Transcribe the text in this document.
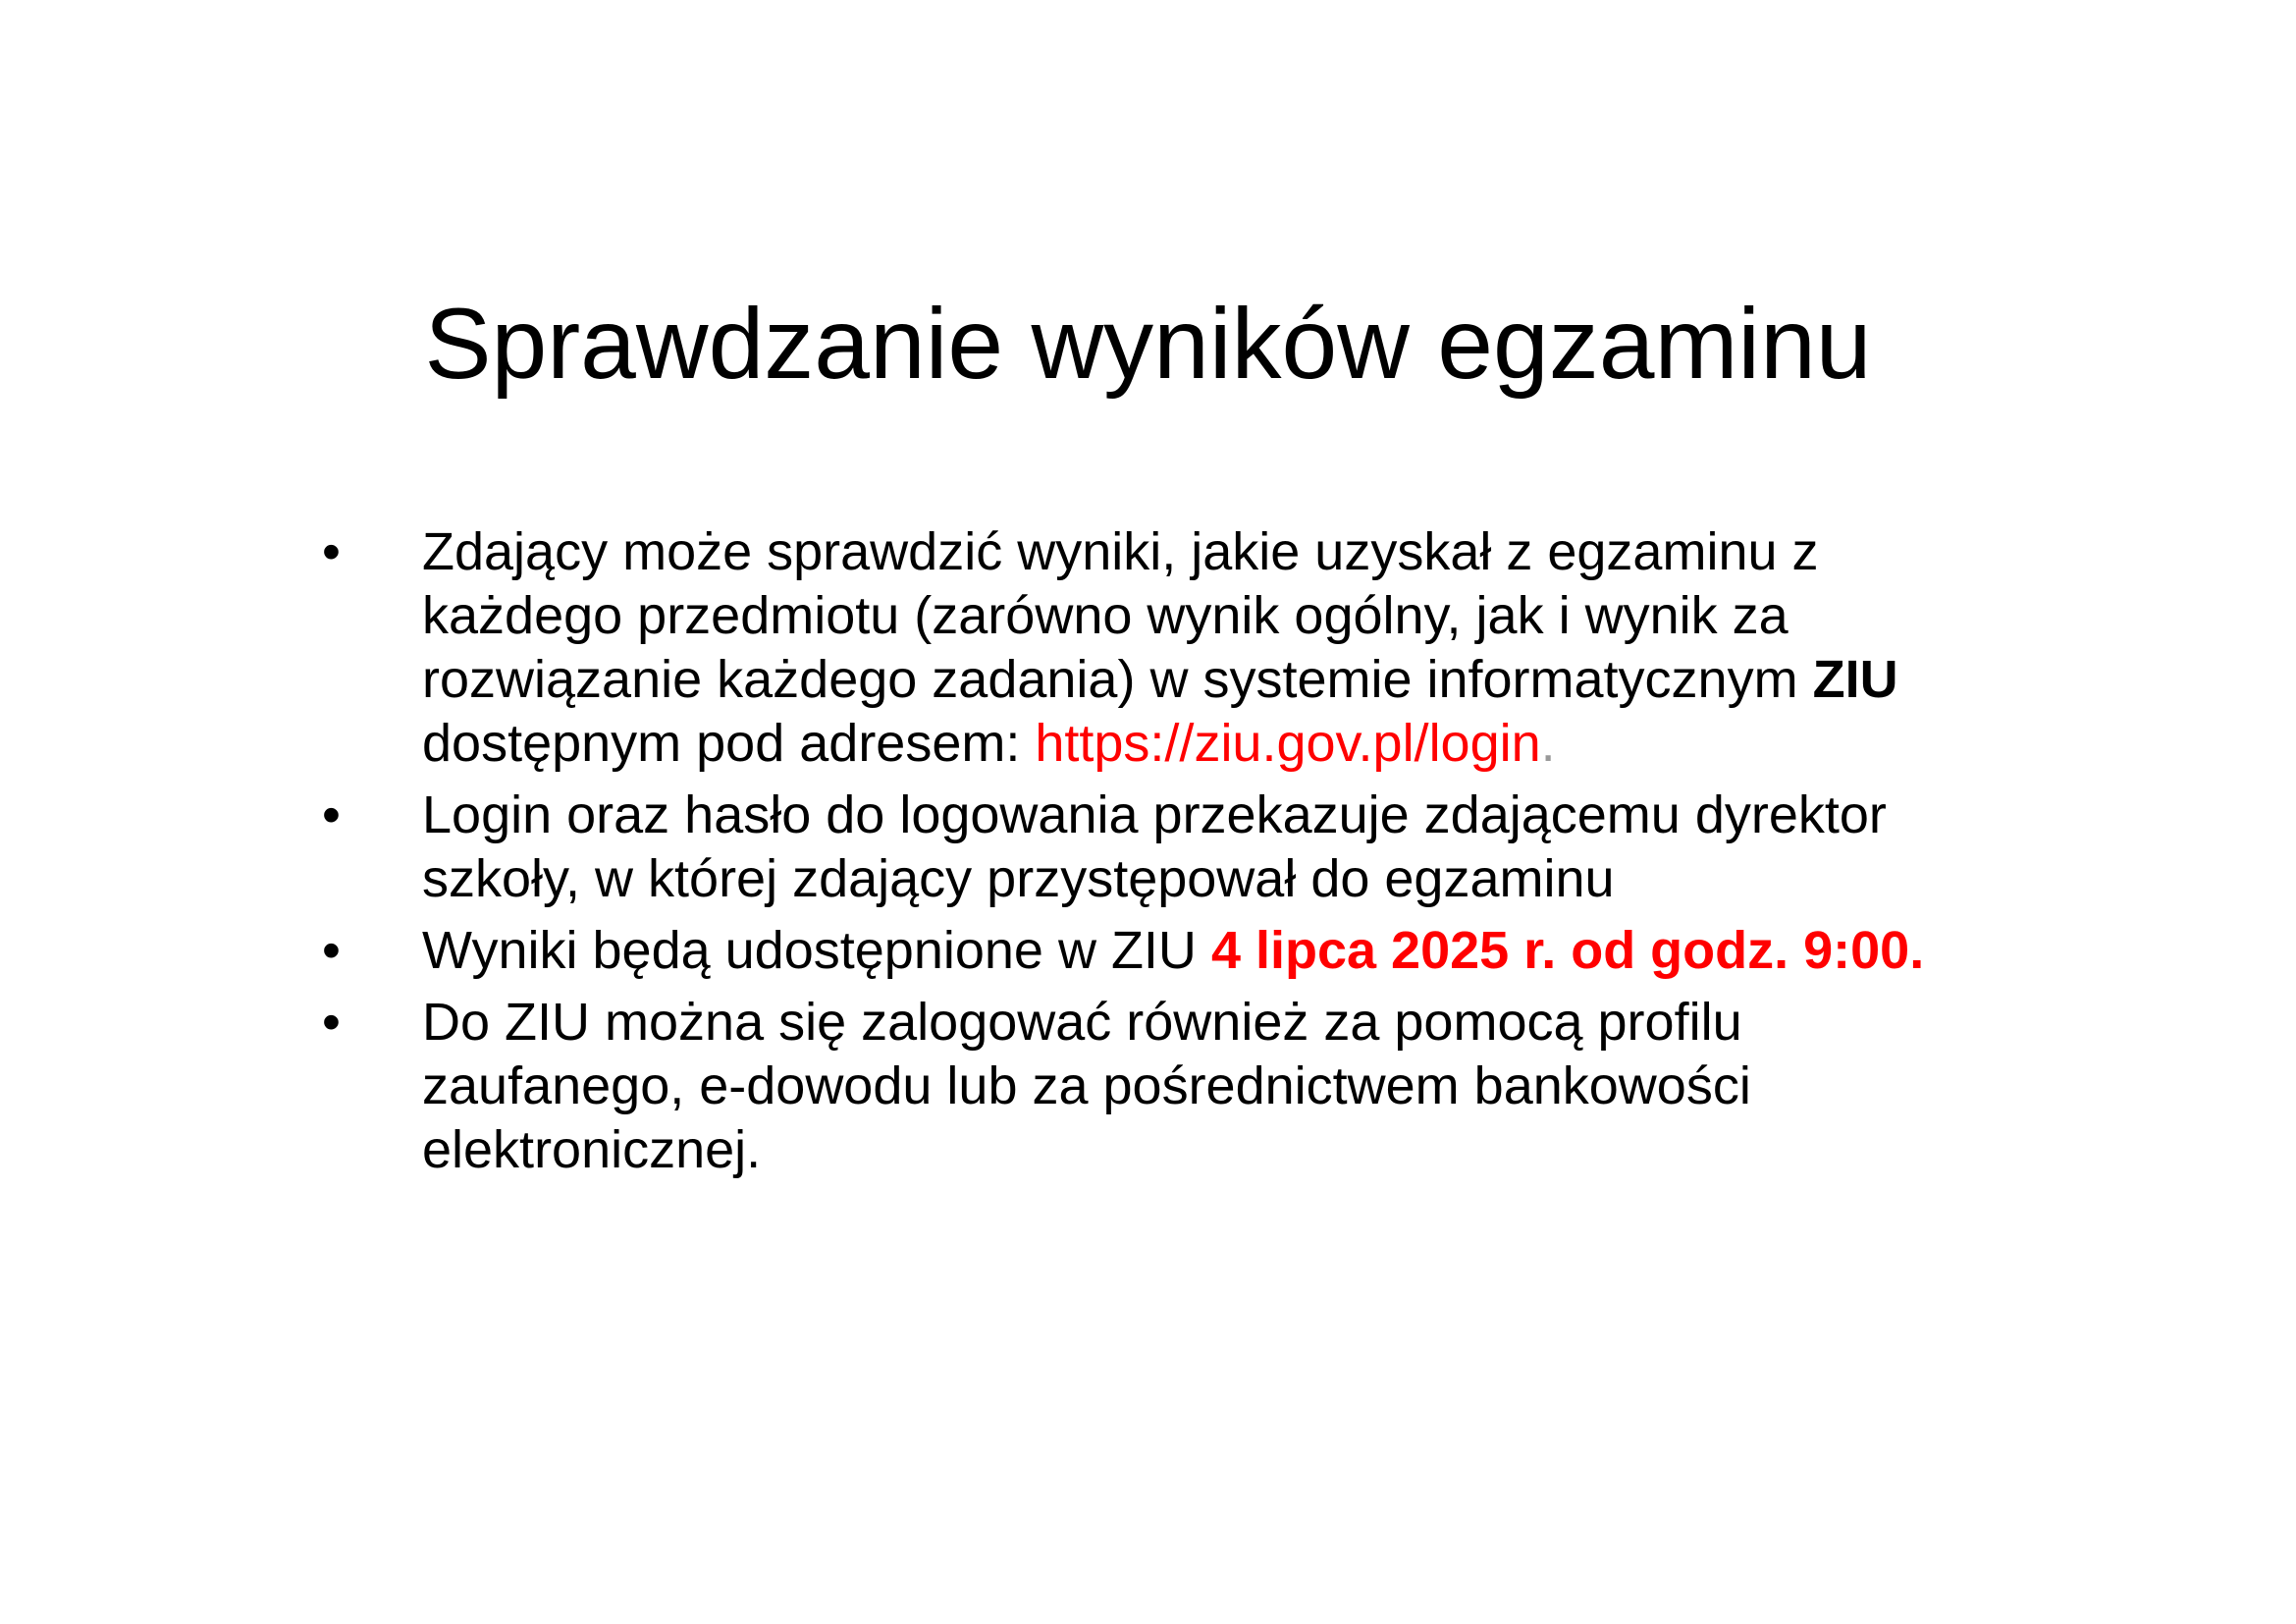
Sprawdzanie wyników egzaminu
•	Zdający może sprawdzić wyniki, jakie uzyskał z egzaminu z każdego przedmiotu (zarówno wynik ogólny, jak i wynik za rozwiązanie każdego zadania) w systemie informatycznym ZIU dostępnym pod adresem: https://ziu.gov.pl/login.
•	Login oraz hasło do logowania przekazuje zdającemu dyrektor szkoły, w której zdający przystępował do egzaminu
•	Wyniki będą udostępnione w ZIU 4 lipca 2025 r. od godz. 9:00.
•	Do ZIU można się zalogować również za pomocą profilu zaufanego, e-dowodu lub za pośrednictwem bankowości elektronicznej.
